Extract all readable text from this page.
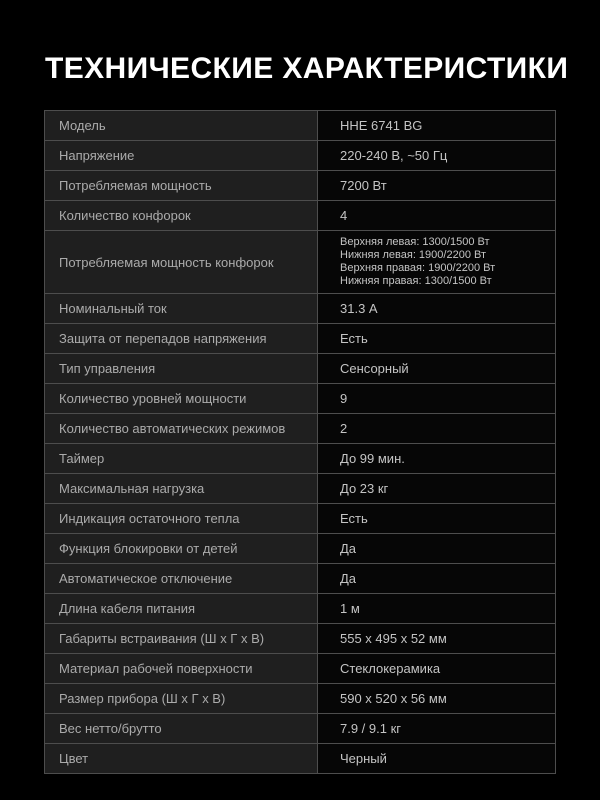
ТЕХНИЧЕСКИЕ ХАРАКТЕРИСТИКИ
Модель	HHE 6741 BG
Напряжение	220-240 В, ~50 Гц
Потребляемая мощность	7200 Вт
Количество конфорок	4
Потребляемая мощность конфорок	Верхняя левая: 1300/1500 Вт
Нижняя левая: 1900/2200 Вт
Верхняя правая: 1900/2200 Вт
Нижняя правая: 1300/1500 Вт

Номинальный ток	31.3 А
Защита от перепадов напряжения	Есть
Тип управления	Сенсорный
Количество уровней мощности	9
Количество автоматических режимов	2
Таймер	До 99 мин.
Максимальная нагрузка	До 23 кг
Индикация остаточного тепла	Есть
Функция блокировки от детей	Да
Автоматическое отключение	Да
Длина кабеля питания	1 м
Габариты встраивания (Ш х Г х В)	555 х 495 х 52 мм
Материал рабочей поверхности	Стеклокерамика
Размер прибора (Ш х Г х В)	590 х 520 х 56 мм
Вес нетто/брутто	7.9 / 9.1 кг
Цвет	Черный
